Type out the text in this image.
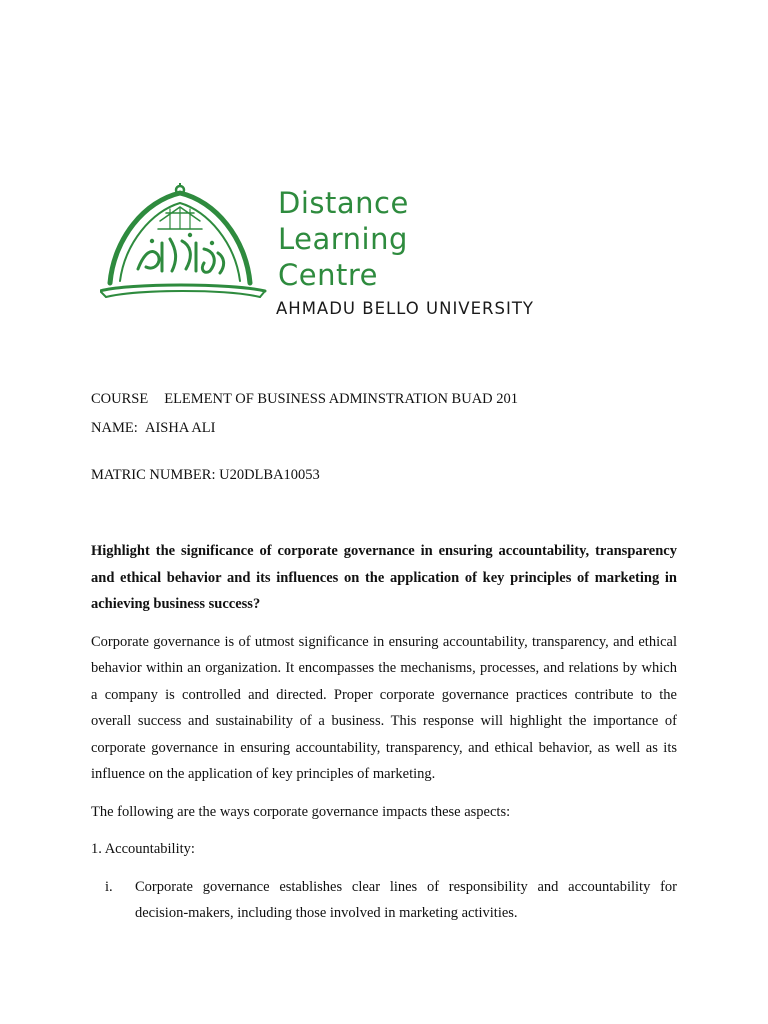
Distance
Learning
Centre
AHMADU BELLO UNIVERSITY
COURSE ELEMENT OF BUSINESS ADMINSTRATION BUAD 201
NAME: AISHA ALI
MATRIC NUMBER: U20DLBA10053

Highlight the significance of corporate governance in ensuring accountability, transparency and ethical behavior and its influences on the application of key principles of marketing in achieving business success?

Corporate governance is of utmost significance in ensuring accountability, transparency, and ethical behavior within an organization. It encompasses the mechanisms, processes, and relations by which a company is controlled and directed. Proper corporate governance practices contribute to the overall success and sustainability of a business. This response will highlight the importance of corporate governance in ensuring accountability, transparency, and ethical behavior, as well as its influence on the application of key principles of marketing.

The following are the ways corporate governance impacts these aspects:

1. Accountability:

i. Corporate governance establishes clear lines of responsibility and accountability for decision-makers, including those involved in marketing activities.
